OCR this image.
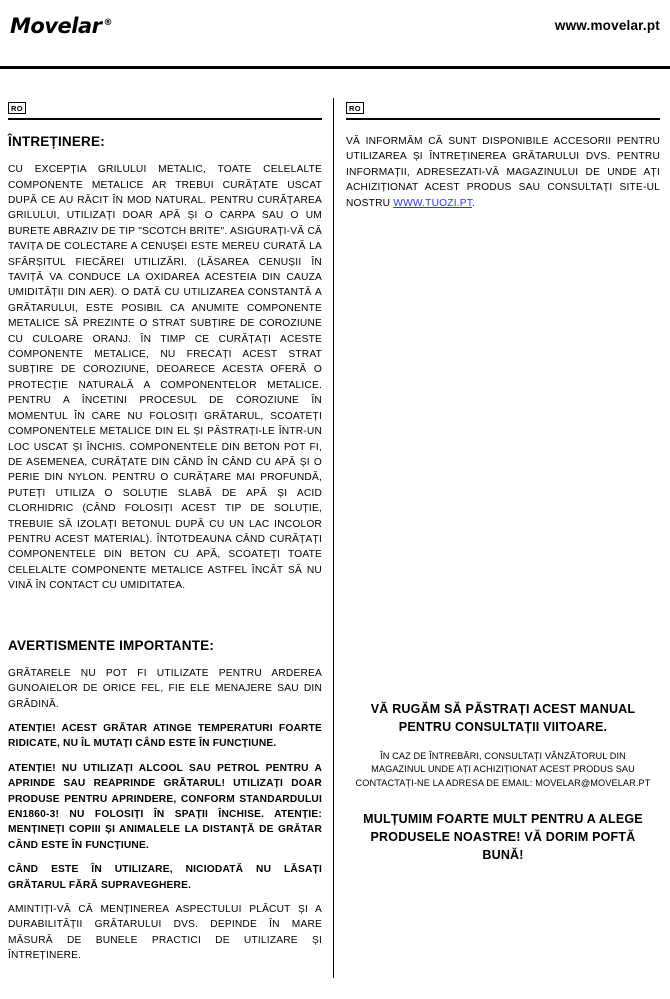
Movelar ®	www.movelar.pt
RO
ÎNTREȚINERE:

CU EXCEPȚIA GRILULUI METALIC, TOATE CELELALTE COMPONENTE METALICE AR TREBUI CURĂȚATE USCAT DUPĂ CE AU RĂCIT ÎN MOD NATURAL. PENTRU CURĂȚAREA GRILULUI, UTILIZAȚI DOAR APĂ ȘI O CARPA SAU O UM BURETE ABRAZIV DE TIP "SCOTCH BRITE". ASIGURAȚI-VĂ CĂ TAVIȚA DE COLECTARE A CENUȘEI ESTE MEREU CURATĂ LA SFÂRȘITUL FIECĂREI UTILIZĂRI. (LĂSAREA CENUȘII ÎN TAVIȚĂ VA CONDUCE LA OXIDAREA ACESTEIA DIN CAUZA UMIDITĂȚII DIN AER). O DATĂ CU UTILIZAREA CONSTANTĂ A GRĂTARULUI, ESTE POSIBIL CA ANUMITE COMPONENTE METALICE SĂ PREZINTE O STRAT SUBȚIRE DE COROZIUNE CU CULOARE ORANJ. ÎN TIMP CE CURĂȚAȚI ACESTE COMPONENTE METALICE, NU FRECAȚI ACEST STRAT SUBȚIRE DE COROZIUNE, DEOARECE ACESTA OFERĂ O PROTECȚIE NATURALĂ A COMPONENTELOR METALICE. PENTRU A ÎNCETINI PROCESUL DE COROZIUNE ÎN MOMENTUL ÎN CARE NU FOLOSIȚI GRĂTARUL, SCOATEȚI COMPONENTELE METALICE DIN EL ȘI PĂSTRAȚI-LE ÎNTR-UN LOC USCAT ȘI ÎNCHIS. COMPONENTELE DIN BETON POT FI, DE ASEMENEA, CURĂȚATE DIN CÂND ÎN CÂND CU APĂ ȘI O PERIE DIN NYLON. PENTRU O CURĂȚARE MAI PROFUNDĂ, PUTEȚI UTILIZA O SOLUȚIE SLABĂ DE APĂ ȘI ACID CLORHIDRIC (CÂND FOLOSIȚI ACEST TIP DE SOLUȚIE, TREBUIE SĂ IZOLAȚI BETONUL DUPĂ CU UN LAC INCOLOR PENTRU ACEST MATERIAL). ÎNTOTDEAUNA CÂND CURĂȚAȚI COMPONENTELE DIN BETON CU APĂ, SCOATEȚI TOATE CELELALTE COMPONENTE METALICE ASTFEL ÎNCÂT SĂ NU VINĂ ÎN CONTACT CU UMIDITATEA.

AVERTISMENTE IMPORTANTE:

GRĂTARELE NU POT FI UTILIZATE PENTRU ARDEREA GUNOAIELOR DE ORICE FEL, FIE ELE MENAJERE SAU DIN GRĂDINĂ.

ATENȚIE! ACEST GRĂTAR ATINGE TEMPERATURI FOARTE RIDICATE, NU ÎL MUTAȚI CÂND ESTE ÎN FUNCȚIUNE.

ATENȚIE! NU UTILIZAȚI ALCOOL SAU PETROL PENTRU A APRINDE SAU REAPRINDE GRĂTARUL! UTILIZAȚI DOAR PRODUSE PENTRU APRINDERE, CONFORM STANDARDULUI EN1860-3! NU FOLOSIȚI ÎN SPAȚII ÎNCHISE. ATENȚIE: MENȚINEȚI COPIII ȘI ANIMALELE LA DISTANȚĂ DE GRĂTAR CÂND ESTE ÎN FUNCȚIUNE.

CÂND ESTE ÎN UTILIZARE, NICIODATĂ NU LĂSAȚI GRĂTARUL FĂRĂ SUPRAVEGHERE.

AMINTIȚI-VĂ CĂ MENȚINEREA ASPECTULUI PLĂCUT ȘI A DURABILITĂȚII GRĂTARULUI DVS. DEPINDE ÎN MARE MĂSURĂ DE BUNELE PRACTICI DE UTILIZARE ȘI ÎNTREȚINERE.

RO

VĂ INFORMĂM CĂ SUNT DISPONIBILE ACCESORII PENTRU UTILIZAREA ȘI ÎNTREȚINEREA GRĂTARULUI DVS. PENTRU INFORMAȚII, ADRESEZATI-VĂ MAGAZINULUI DE UNDE AȚI ACHIZIȚIONAT ACEST PRODUS SAU CONSULTAȚI SITE-UL NOSTRU WWW.TUOZI.PT.

VĂ RUGĂM SĂ PĂSTRAȚI ACEST MANUAL PENTRU CONSULTAȚII VIITOARE.
ÎN CAZ DE ÎNTREBĂRI, CONSULTAȚI VÂNZĂTORUL DIN MAGAZINUL UNDE AȚI ACHIZIȚIONAT ACEST PRODUS SAU CONTACTAȚI-NE LA ADRESA DE EMAIL: MOVELAR@MOVELAR.PT
MULȚUMIM FOARTE MULT PENTRU A ALEGE PRODUSELE NOASTRE! VĂ DORIM POFTĂ BUNĂ!
